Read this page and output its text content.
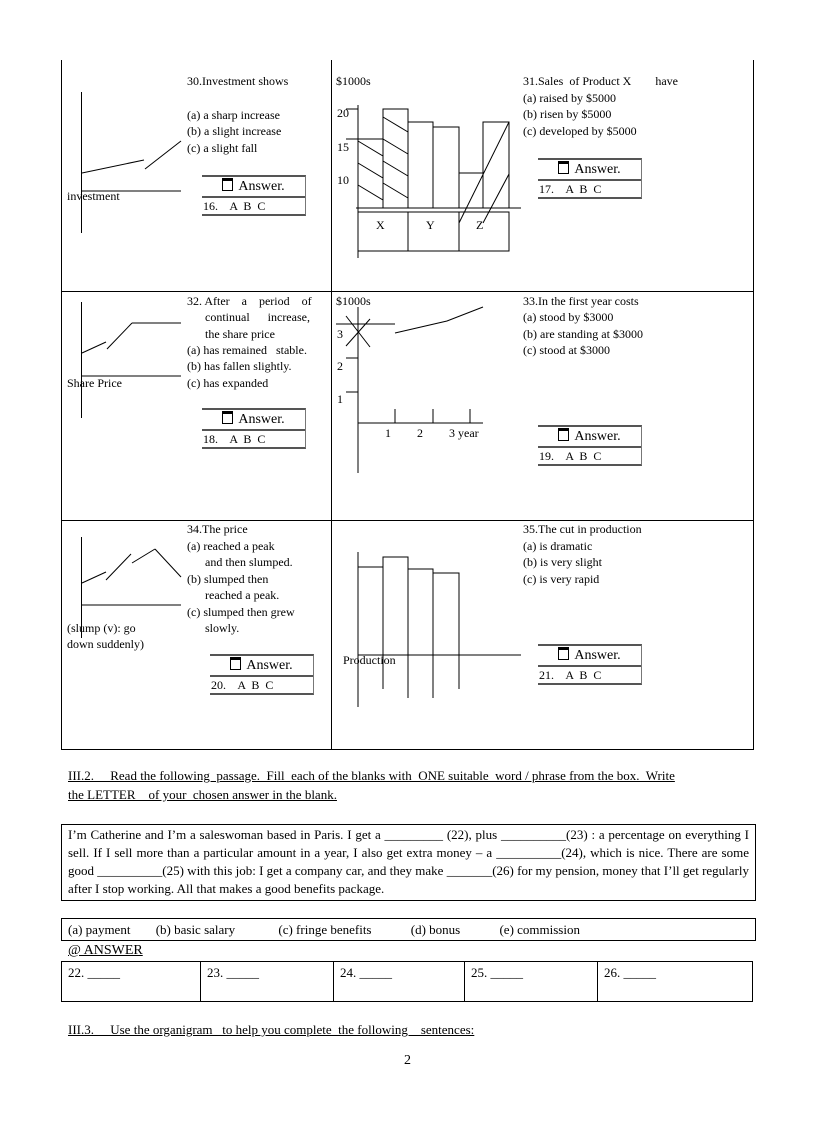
30.Investment shows
(a) a sharp increase
(b) a slight increase
(c) a slight fall
investment
Answer.
16.    A  B  C
$1000s
20
15
10
X	Y	Z
31.Sales  of Product X        have
(a) raised by $5000
(b) risen by $5000
(c) developed by $5000
Answer.
17.    A  B  C
32. After    a    period    of
continual      increase,
the share price
(a) has remained   stable.
(b) has fallen slightly.
(c) has expanded
Share Price
Answer.
18.    A  B  C
$1000s
3
2
1
1 2 3 year
33.In the first year costs
(a) stood by $3000
(b) are standing at $3000
(c) stood at $3000
Answer.
19.    A  B  C
34.The price
(a) reached a peak
and then slumped.
(b) slumped then
reached a peak.
(c) slumped then grew
slowly.
(slump (v): go
down suddenly)
Answer.
20.    A  B  C
35.The cut in production
(a) is dramatic
(b) is very slight
(c) is very rapid
Production	Answer.
21.    A  B  C
III.2.     Read the following  passage.  Fill  each of the blanks with  ONE suitable  word / phrase from the box.  Write
the LETTER    of your  chosen answer in the blank.
I’m Catherine and I’m a saleswoman based in Paris. I get a _________ (22), plus __________(23) : a percentage on everything I sell. If I sell more than a particular amount in a year, I also get extra money – a __________(24), which is nice. There are some good __________(25) with this job: I get a company car, and they make _______(26) for my pension, money that I’ll get regularly after I stop working. All that makes a good benefits package.
(a) payment (b) basic salary	(c) fringe benefits	(d) bonus	(e) commission
@ ANSWER
22. _____	23. _____	24. _____	25. _____	26. _____
III.3.     Use the organigram   to help you complete  the following    sentences:
2
